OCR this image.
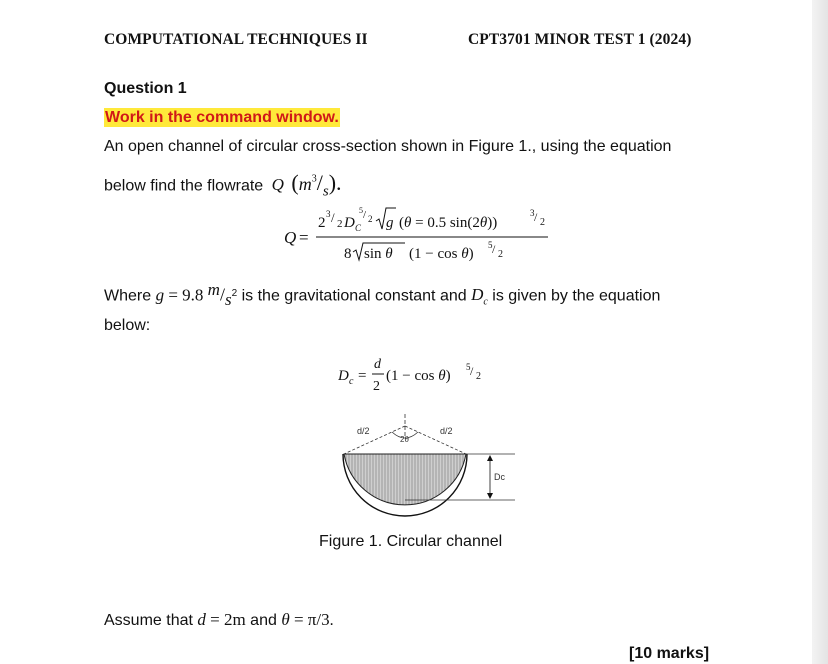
COMPUTATIONAL TECHNIQUES II	CPT3701 MINOR TEST 1 (2024)
Question 1
Work in the command window.
An open channel of circular cross-section shown in Figure 1., using the equation
below find the flowrate Q $(m^3/_s)$.
Q =
2
3 / 2 D C
5 / 2 g (θ = 0.5 sin(2θ))
3 / 2
8 sin θ (1 − cos θ)
5 / 2
Where g = 9.8 $m/s^2$ is the gravitational constant and $D_c$ is given by the equation
below:
D c =
d
2
(1 − cos θ)
5 / 2
d/2	d/2
2θ
Dc
Figure 1. Circular channel
Assume that d = 2m and θ = π/3.
[10 marks]
